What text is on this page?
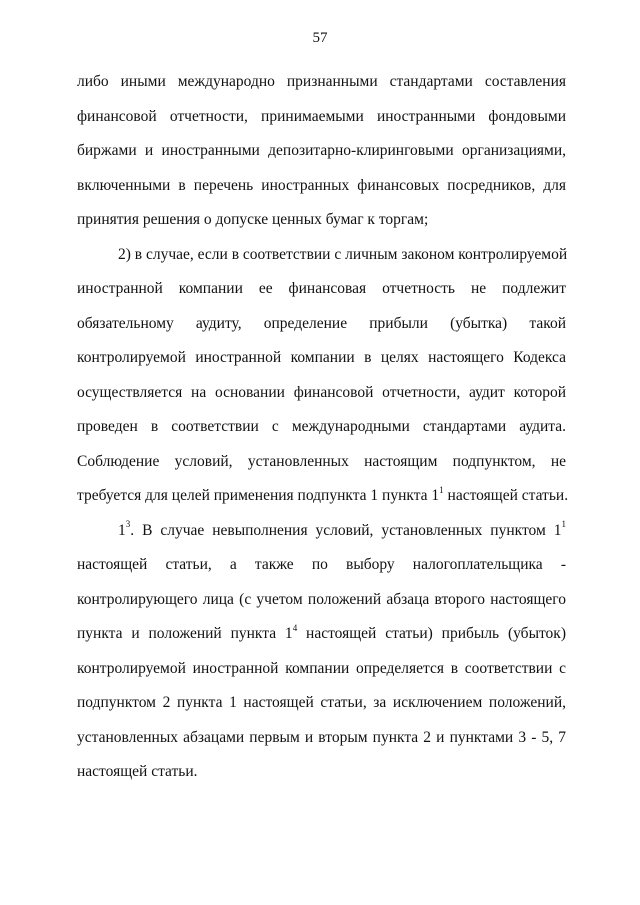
57
либо иными международно признанными стандартами составления
финансовой отчетности, принимаемыми иностранными фондовыми
биржами и иностранными депозитарно-клиринговыми организациями,
включенными в перечень иностранных финансовых посредников, для
принятия решения о допуске ценных бумаг к торгам;
2) в случае, если в соответствии с личным законом контролируемой
иностранной компании ее финансовая отчетность не подлежит
обязательному аудиту, определение прибыли (убытка) такой
контролируемой иностранной компании в целях настоящего Кодекса
осуществляется на основании финансовой отчетности, аудит которой
проведен в соответствии с международными стандартами аудита.
Соблюдение условий, установленных настоящим подпунктом, не
требуется для целей применения подпункта 1 пункта $1^1$ настоящей статьи.
$1^3$. В случае невыполнения условий, установленных пунктом $1^1$
настоящей статьи, а также по выбору налогоплательщика -
контролирующего лица (с учетом положений абзаца второго настоящего
пункта и положений пункта $1^4$ настоящей статьи) прибыль (убыток)
контролируемой иностранной компании определяется в соответствии с
подпунктом 2 пункта 1 настоящей статьи, за исключением положений,
установленных абзацами первым и вторым пункта 2 и пунктами 3 - 5, 7
настоящей статьи.
